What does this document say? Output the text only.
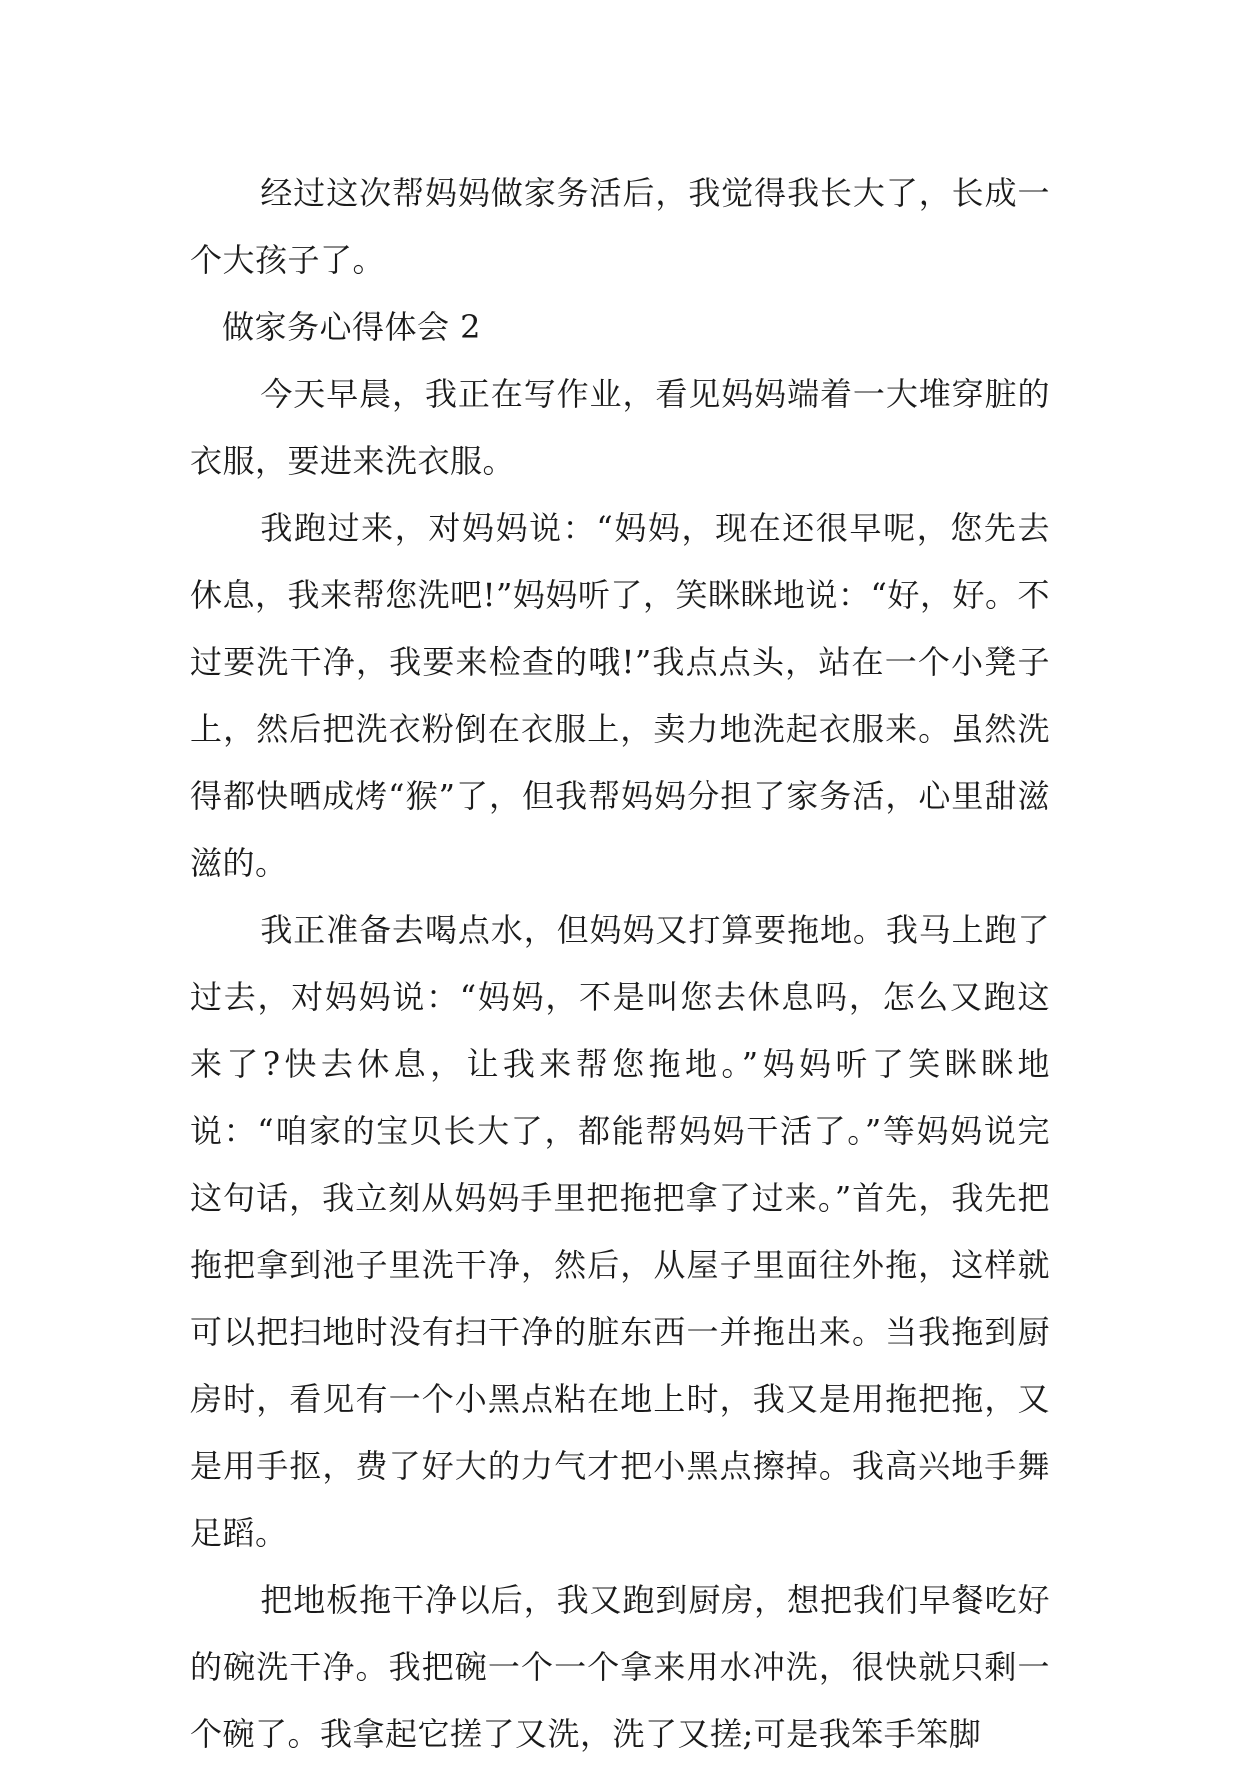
经过这次帮妈妈做家务活后，我觉得我长大了，长成一个大孩子了。

做家务心得体会 2

今天早晨，我正在写作业，看见妈妈端着一大堆穿脏的衣服，要进来洗衣服。

我跑过来，对妈妈说：“妈妈，现在还很早呢，您先去休息，我来帮您洗吧!”妈妈听了，笑眯眯地说：“好，好。不过要洗干净，我要来检查的哦!”我点点头，站在一个小凳子上，然后把洗衣粉倒在衣服上，卖力地洗起衣服来。虽然洗得都快晒成烤“猴”了，但我帮妈妈分担了家务活，心里甜滋滋的。

我正准备去喝点水，但妈妈又打算要拖地。我马上跑了过去，对妈妈说：“妈妈，不是叫您去休息吗，怎么又跑这来了?快去休息，让我来帮您拖地。”妈妈听了笑眯眯地说：“咱家的宝贝长大了，都能帮妈妈干活了。”等妈妈说完这句话，我立刻从妈妈手里把拖把拿了过来。”首先，我先把拖把拿到池子里洗干净，然后，从屋子里面往外拖，这样就可以把扫地时没有扫干净的脏东西一并拖出来。当我拖到厨房时，看见有一个小黑点粘在地上时，我又是用拖把拖，又是用手抠，费了好大的力气才把小黑点擦掉。我高兴地手舞足蹈。

把地板拖干净以后，我又跑到厨房，想把我们早餐吃好的碗洗干净。我把碗一个一个拿来用水冲洗，很快就只剩一个碗了。我拿起它搓了又洗，洗了又搓;可是我笨手笨脚
